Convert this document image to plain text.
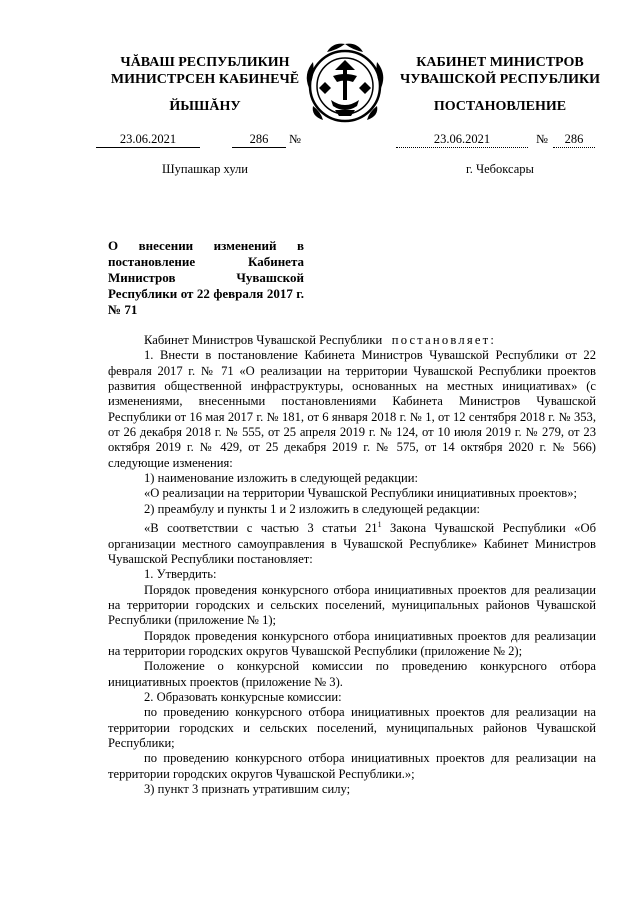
ЧĂВАШ РЕСПУБЛИКИН
МИНИСТРСЕН КАБИНЕЧĔ
ЙЫШĂНУ
23.06.2021	286	№
Шупашкар хули
КАБИНЕТ МИНИСТРОВ
ЧУВАШСКОЙ РЕСПУБЛИКИ
ПОСТАНОВЛЕНИЕ
23.06.2021	№	286
г. Чебоксары
О внесении изменений в постановление Кабинета Министров Чувашской Республики от 22 февраля 2017 г. № 71

Кабинет Министров Чувашской Республики постановляет:

1. Внести в постановление Кабинета Министров Чувашской Республики от 22 февраля 2017 г. № 71 «О реализации на территории Чувашской Республики проектов развития общественной инфраструктуры, основанных на местных инициативах» (с изменениями, внесенными постановлениями Кабинета Министров Чувашской Республики от 16 мая 2017 г. № 181, от 6 января 2018 г. № 1, от 12 сентября 2018 г. № 353, от 26 декабря 2018 г. № 555, от 25 апреля 2019 г. № 124, от 10 июля 2019 г. № 279, от 23 октября 2019 г. № 429, от 25 декабря 2019 г. № 575, от 14 октября 2020 г. № 566) следующие изменения:

1) наименование изложить в следующей редакции:

«О реализации на территории Чувашской Республики инициативных проектов»;

2) преамбулу и пункты 1 и 2 изложить в следующей редакции:

«В соответствии с частью 3 статьи $21^1$ Закона Чувашской Республики «Об организации местного самоуправления в Чувашской Республике» Кабинет Министров Чувашской Республики постановляет:

1. Утвердить:

Порядок проведения конкурсного отбора инициативных проектов для реализации на территории городских и сельских поселений, муниципальных районов Чувашской Республики (приложение № 1);

Порядок проведения конкурсного отбора инициативных проектов для реализации на территории городских округов Чувашской Республики (приложение № 2);

Положение о конкурсной комиссии по проведению конкурсного отбора инициативных проектов (приложение № 3).

2. Образовать конкурсные комиссии:

по проведению конкурсного отбора инициативных проектов для реализации на территории городских и сельских поселений, муниципальных районов Чувашской Республики;

по проведению конкурсного отбора инициативных проектов для реализации на территории городских округов Чувашской Республики.»;

3) пункт 3 признать утратившим силу;
